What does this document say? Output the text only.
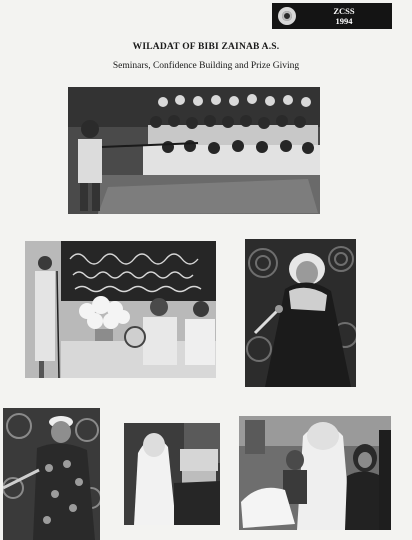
ZCSS
1994
WILADAT OF BIBI ZAINAB A.S.
Seminars, Confidence Building and Prize Giving
